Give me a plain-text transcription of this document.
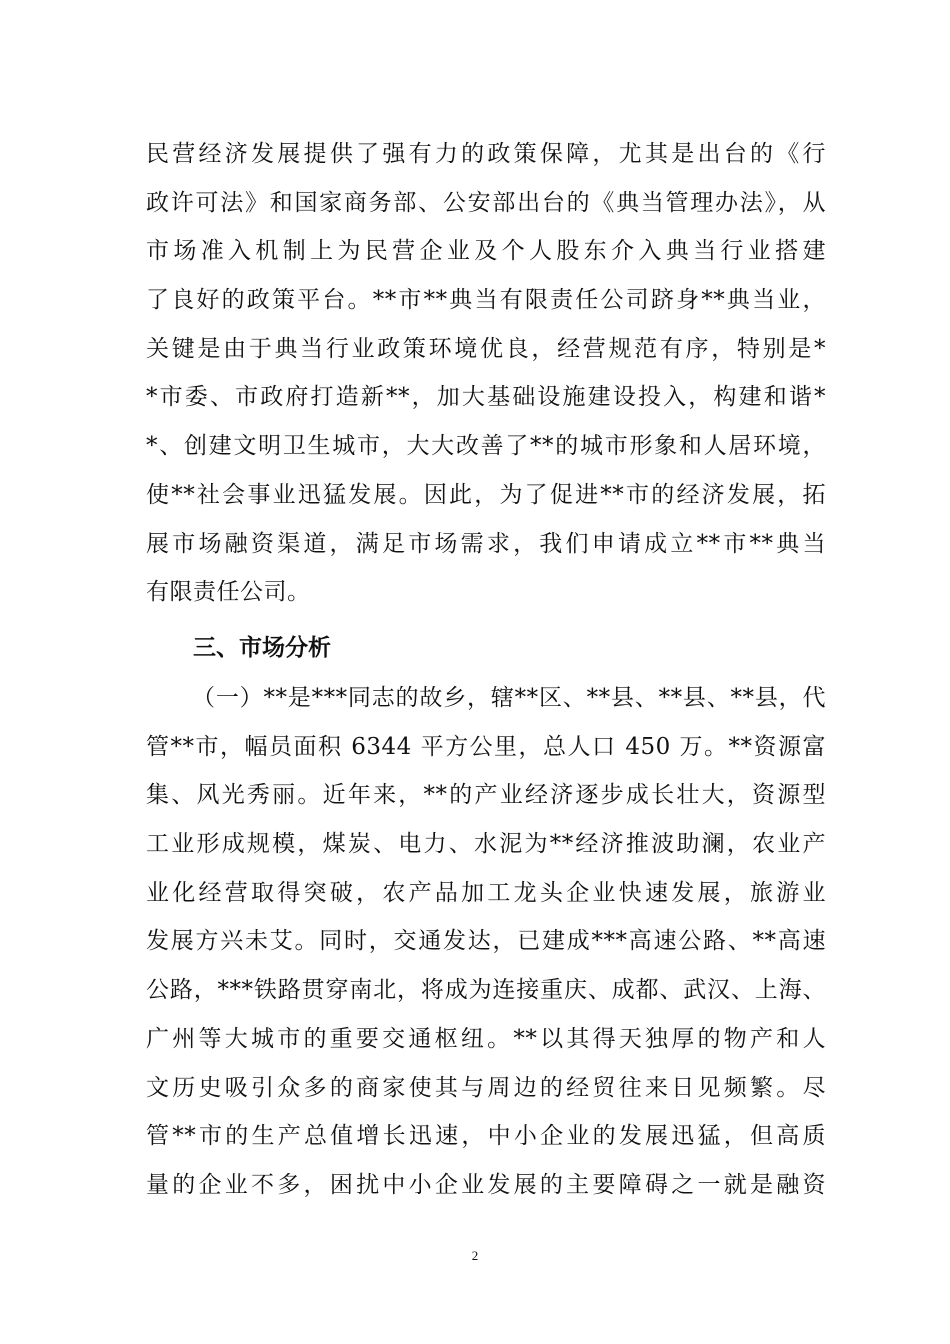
民营经济发展提供了强有力的政策保障，尤其是出台的《行
政许可法》和国家商务部、公安部出台的《典当管理办法》，从
市场准入机制上为民营企业及个人股东介入典当行业搭建
了良好的政策平台。**市**典当有限责任公司跻身**典当业，
关键是由于典当行业政策环境优良，经营规范有序，特别是*
*市委、市政府打造新**，加大基础设施建设投入，构建和谐*
*、创建文明卫生城市，大大改善了**的城市形象和人居环境，
使**社会事业迅猛发展。因此，为了促进**市的经济发展，拓
展市场融资渠道，满足市场需求，我们申请成立**市**典当
有限责任公司。
三、市场分析
（一）**是***同志的故乡，辖**区、**县、**县、**县，代
管**市，幅员面积 6344 平方公里，总人口 450 万。**资源富
集、风光秀丽。近年来，**的产业经济逐步成长壮大，资源型
工业形成规模，煤炭、电力、水泥为**经济推波助澜，农业产
业化经营取得突破，农产品加工龙头企业快速发展，旅游业
发展方兴未艾。同时，交通发达，已建成***高速公路、**高速
公路，***铁路贯穿南北，将成为连接重庆、成都、武汉、上海、
广州等大城市的重要交通枢纽。**以其得天独厚的物产和人
文历史吸引众多的商家使其与周边的经贸往来日见频繁。尽
管**市的生产总值增长迅速，中小企业的发展迅猛，但高质
量的企业不多，困扰中小企业发展的主要障碍之一就是融资
2
